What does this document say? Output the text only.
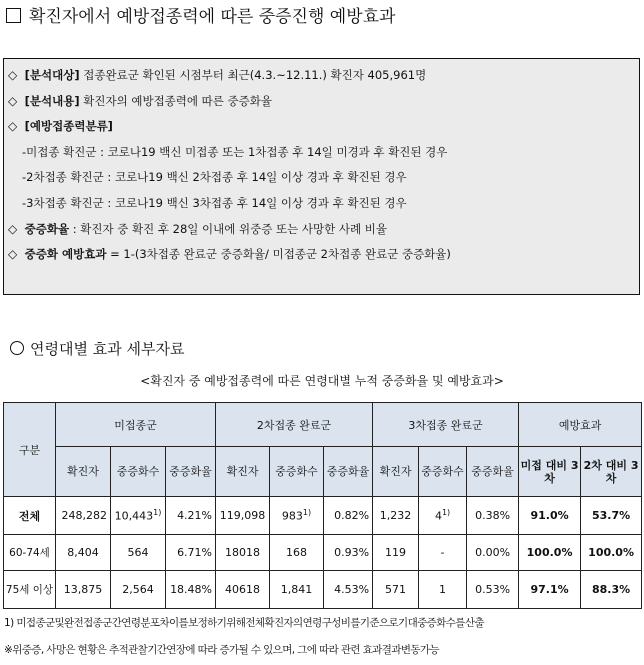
확진자에서 예방접종력에 따른 중증진행 예방효과
◇ [분석대상] 접종완료군 확인된 시점부터 최근(4.3.~12.11.) 확진자 405,961명
◇ [분석내용] 확진자의 예방접종력에 따른 중증화율
◇ [예방접종력분류]
-미접종 확진군 : 코로나19 백신 미접종 또는 1차접종 후 14일 미경과 후 확진된 경우
-2차접종 확진군 : 코로나19 백신 2차접종 후 14일 이상 경과 후 확진된 경우
-3차접종 확진군 : 코로나19 백신 3차접종 후 14일 이상 경과 후 확진된 경우
◇ 중증화율 : 확진자 중 확진 후 28일 이내에 위중증 또는 사망한 사례 비율
◇ 중증화 예방효과 = 1-(3차접종 완료군 중증화율/ 미접종군 2차접종 완료군 중증화율)
연령대별 효과 세부자료
<확진자 중 예방접종력에 따른 연령대별 누적 중증화율 및 예방효과>
구분	미접종군			2차접종 완료군			3차접종 완료군			예방효과	
	확진자	중증화수	중증화율	확진자	중증화수	중증화율	확진자	중증화수	중증화율	미접 대비 3차	2차 대비 3차
전체	248,282	10,443$^{1)}$	4.21%	119,098	983$^{1)}$	0.82%	1,232	4$^{1)}$	0.38%	91.0%	53.7%
60-74세	8,404	564	6.71%	18018	168	0.93%	119	-	0.00%	100.0%	100.0%
75세 이상	13,875	2,564	18.48%	40618	1,841	4.53%	571	1	0.53%	97.1%	88.3%
1) 미접종군및완전접종군간연령분포차이를보정하기위해전체확진자의연령구성비를기준으로기대중증화수를산출
※위중증, 사망은 현황은 추적관찰기간연장에 따라 증가될 수 있으며, 그에 따라 관련 효과결과변동가능
